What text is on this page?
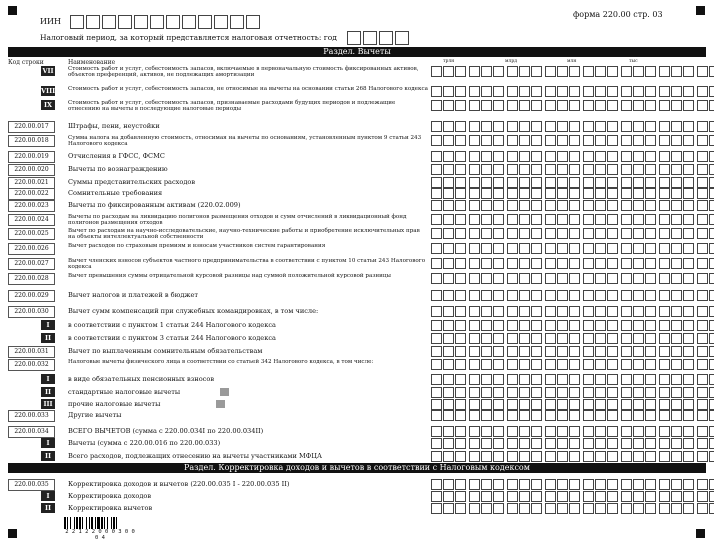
ИИН
форма 220.00 стр. 03
Налоговый период, за который представляется налоговая отчетность: год
Раздел. Вычеты
Код строки	Наименование	трлн	млрд	млн	тыс
VII	Стоимость работ и услуг, себестоимость запасов, включаемые в первоначальную стоимость фиксированных активов, объектов преференций, активов, не подлежащих амортизации
VIII Стоимость работ и услуг, себестоимость запасов, не относимые на вычеты на основании статьи 268 Налогового кодекса
IX	Стоимость работ и услуг, себестоимость запасов, признаваемые расходами будущих периодов и подлежащие отнесению на вычеты в последующие налоговые периоды
220.00.017	Штрафы, пени, неустойки
220.00.018	Сумма налога на добавленную стоимость, относимая на вычеты по основаниям, установленным пунктом 9 статьи 243 Налогового кодекса
220.00.019	Отчисления в ГФСС, ФСМС
220.00.020	Вычеты по вознаграждению
220.00.021	Суммы представительских расходов
220.00.022	Сомнительные требования
220.00.023	Вычеты по фиксированным активам (220.02.009)
220.00.024	Вычеты по расходам на ликвидацию полигонов размещения отходов и сумм отчислений в ликвидационный фонд полигонов размещения отходов
220.00.025	Вычет по расходам на научно-исследовательские, научно-технические работы и приобретение исключительных прав на объекты интеллектуальной собственности
220.00.026	Вычет расходов по страховым премиям и взносам участников систем гарантирования
220.00.027	Вычет членских взносов субъектов частного предпринимательства в соответствии с пунктом 10 статьи 243 Налогового кодекса
220.00.028	Вычет превышения суммы отрицательной курсовой разницы над суммой положительной курсовой разницы
220.00.029	Вычет налогов и платежей в бюджет
220.00.030	Вычет сумм компенсаций при служебных командировках, в том числе:
I	в соответствии с пунктом 1 статьи 244 Налогового кодекса
II	в соответствии с пунктом 3 статьи 244 Налогового кодекса
220.00.031	Вычет по выплаченным сомнительным обязательствам
220.00.032	Налоговые вычеты физического лица в соответствии со статьей 342 Налогового кодекса, в том числе:
I	в виде обязательных пенсионных взносов
II	стандартные налоговые вычеты
III	прочие налоговые вычеты
220.00.033	Другие вычеты
220.00.034	ВСЕГО ВЫЧЕТОВ (сумма с 220.00.034I по 220.00.034II)
I	Вычеты (сумма с 220.00.016 по 220.00.033)
II	Всего расходов, подлежащих отнесению на вычеты участниками МФЦА
Раздел. Корректировка доходов и вычетов в соответствии с Налоговым кодексом
220.00.035	Корректировка доходов и вычетов (220.00.035 I - 220.00.035 II)
I	Корректировка доходов
II	Корректировка вычетов
2 2 1 2 2 0 0 0 3 0 0 0 4
